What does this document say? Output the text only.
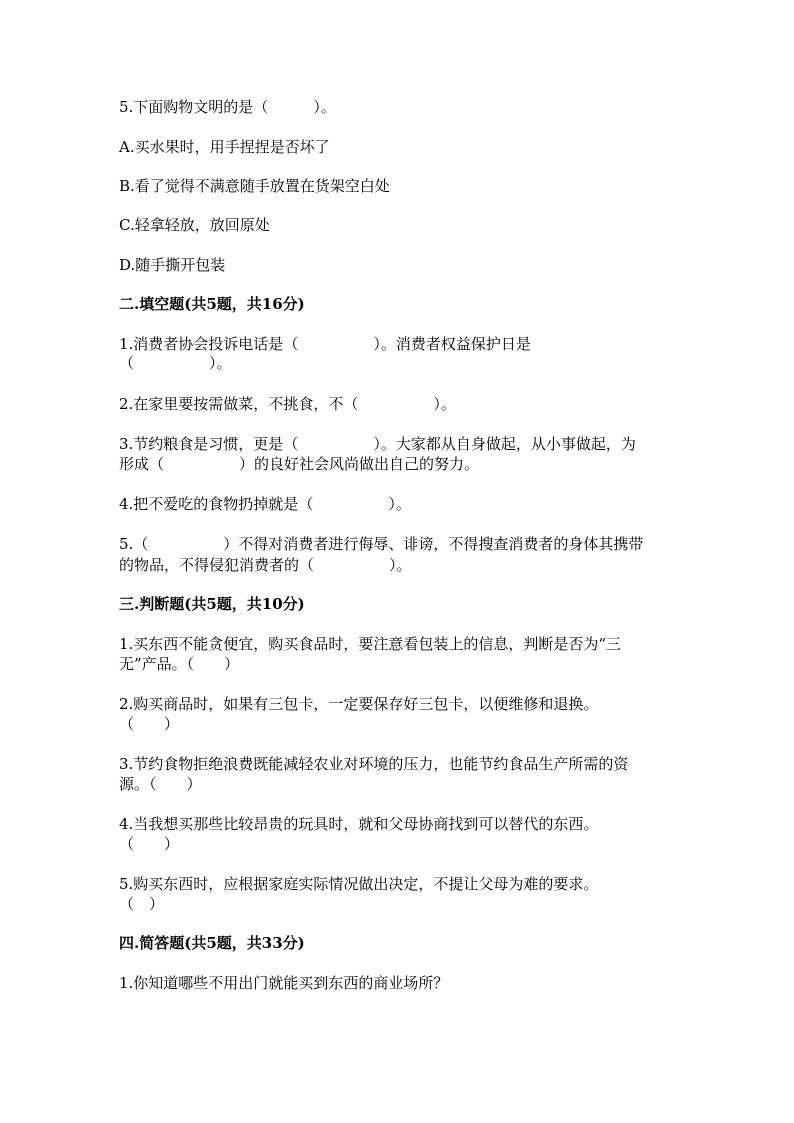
5.下面购物文明的是（　　　）。
A.买水果时，用手捏捏是否坏了
B.看了觉得不满意随手放置在货架空白处
C.轻拿轻放，放回原处
D.随手撕开包装
二.填空题(共5题，共16分)
1.消费者协会投诉电话是（　　　　　）。消费者权益保护日是
（　　　　　）。
2.在家里要按需做菜，不挑食，不（　　　　　）。
3.节约粮食是习惯，更是（　　　　　）。大家都从自身做起，从小事做起，为
形成（　　　　　）的良好社会风尚做出自己的努力。
4.把不爱吃的食物扔掉就是（　　　　　）。
5.（　　　　　）不得对消费者进行侮辱、诽谤，不得搜查消费者的身体其携带
的物品，不得侵犯消费者的（　　　　　）。
三.判断题(共5题，共10分)
1.买东西不能贪便宜，购买食品时，要注意看包装上的信息，判断是否为“三
无”产品。（　　）
2.购买商品时，如果有三包卡，一定要保存好三包卡，以便维修和退换。
（　　）
3.节约食物拒绝浪费既能减轻农业对环境的压力，也能节约食品生产所需的资
源。（　　）
4.当我想买那些比较昂贵的玩具时，就和父母协商找到可以替代的东西。
（　　）
5.购买东西时，应根据家庭实际情况做出决定，不提让父母为难的要求。
（　）
四.简答题(共5题，共33分)
1.你知道哪些不用出门就能买到东西的商业场所？
